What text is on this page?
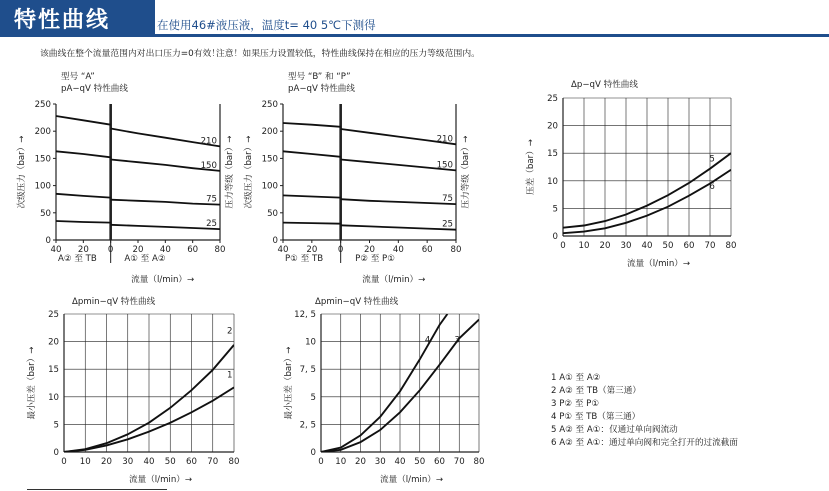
特性曲线	在使用46#液压液，温度t= 40 5℃下测得
该曲线在整个流量范围内对出口压力=0有效！
注意！如果压力设置较低，特性曲线保持在相应的压力等级范围内。
型号 “A”
pA−qV 特性曲线
型号 “B” 和 “P”
pA−qV 特性曲线	Δp−qV 特性曲线
Δpmin−qV 特性曲线	Δpmin−qV 特性曲线
1 A① 至 A②
2 A② 至 TB（第三通）
3 P② 至 P①
4 P① 至 TB（第三通）
5 A② 至 A①：仅通过单向阀流动
6 A② 至 A①：通过单向阀和完全打开的过流截面
0
50
100
150
200
250
40 20 0 20 40 60 80
210
150
75
25
A② 至 TB	A① 至 A②
流量（l/min）→
次级压力（bar）→	压力等级（bar）→
0
50
100
150
200
250
40 20 0 20 40 60 80
210
150
75
25
P① 至 TB	P② 至 P①
流量（l/min）→
次级压力（bar）→	压力等级（bar）→
0 10 20 30 40 50 60 70 80
0
5
10
15
20
25
5
6
流量（l/min）→
压差（bar）→
0 10 20 30 40 50 60 70 80
0
5
10
15
20
25
2
1
流量（l/min）→
最小压差（bar）→
0 10 20 30 40 50 60 70 80
0
2, 5
5
7, 5
10
12, 5
4	3
流量（l/min）→
最小压差（bar）→
